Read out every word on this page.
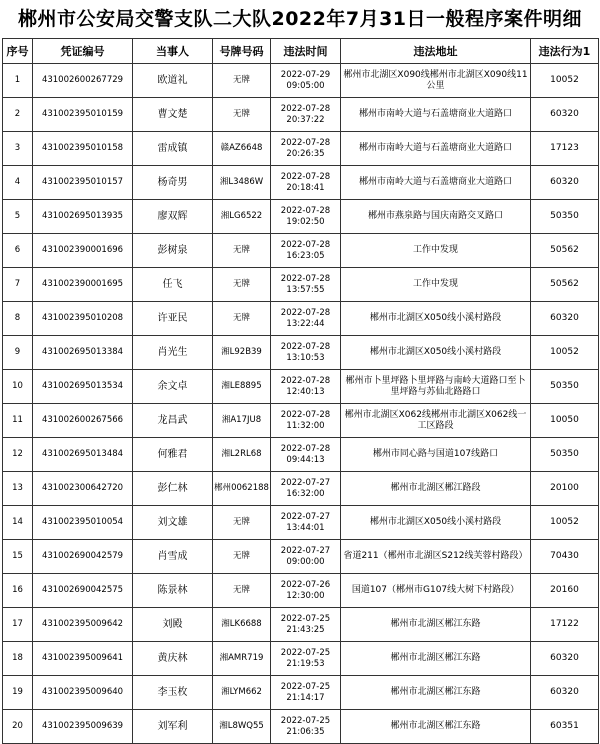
郴州市公安局交警支队二大队2022年7月31日一般程序案件明细
序号	凭证编号	当事人	号牌号码	违法时间	违法地址	违法行为1
1	431002600267729	欧道礼	无牌	2022-07-29 09:05:00	郴州市北湖区X090线郴州市北湖区X090线11公里	10052
2	431002395010159	曹文楚	无牌	2022-07-28 20:37:22	郴州市南岭大道与石盖塘商业大道路口	60320
3	431002395010158	雷成镇	赣AZ6648	2022-07-28 20:26:35	郴州市南岭大道与石盖塘商业大道路口	17123
4	431002395010157	杨奇男	湘L3486W	2022-07-28 20:18:41	郴州市南岭大道与石盖塘商业大道路口	60320
5	431002695013935	廖双辉	湘LG6522	2022-07-28 19:02:50	郴州市燕泉路与国庆南路交叉路口	50350
6	431002390001696	彭树泉	无牌	2022-07-28 16:23:05	工作中发现	50562
7	431002390001695	任飞	无牌	2022-07-28 13:57:55	工作中发现	50562
8	431002395010208	许亚民	无牌	2022-07-28 13:22:44	郴州市北湖区X050线小溪村路段	60320
9	431002695013384	肖光生	湘L92B39	2022-07-28 13:10:53	郴州市北湖区X050线小溪村路段	10052
10	431002695013534	余文卓	湘LE8895	2022-07-28 12:40:13	郴州市卜里坪路卜里坪路与南岭大道路口至卜里坪路与苏仙北路路口	50350
11	431002600267566	龙昌武	湘A17JU8	2022-07-28 11:32:00	郴州市北湖区X062线郴州市北湖区X062线一工区路段	10050
12	431002695013484	何雅君	湘L2RL68	2022-07-28 09:44:13	郴州市同心路与国道107线路口	50350
13	431002300642720	彭仁林	郴州0062188	2022-07-27 16:32:00	郴州市北湖区郴江路段	20100
14	431002395010054	刘文雄	无牌	2022-07-27 13:44:01	郴州市北湖区X050线小溪村路段	10052
15	431002690042579	肖雪成	无牌	2022-07-27 09:00:00	省道211（郴州市北湖区S212线芙蓉村路段）	70430
16	431002690042575	陈景林	无牌	2022-07-26 12:30:00	国道107（郴州市G107线大树下村路段）	20160
17	431002395009642	刘殿	湘LK6688	2022-07-25 21:43:25	郴州市北湖区郴江东路	17122
18	431002395009641	黄庆林	湘AMR719	2022-07-25 21:19:53	郴州市北湖区郴江东路	60320
19	431002395009640	李玉枚	湘LYM662	2022-07-25 21:14:17	郴州市北湖区郴江东路	60320
20	431002395009639	刘军利	湘L8WQ55	2022-07-25 21:06:35	郴州市北湖区郴江东路	60351
